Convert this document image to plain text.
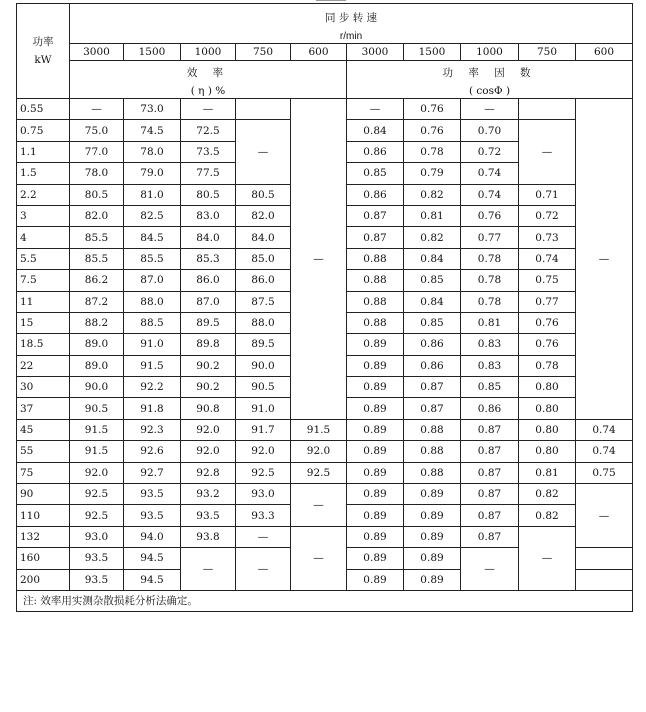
功率
kW	同 步 转 速									
	r/min									
	3000	1500	1000	750	600	3000	1500	1000	750	600
	效 率					功 率 因 数				
	( η ) %					( cosΦ )				
0.55	—	73.0	—		—	—	0.76	—		—
0.75	75.0	74.5	72.5	—		0.84	0.76	0.70	—	
1.1	77.0	78.0	73.5			0.86	0.78	0.72		
1.5	78.0	79.0	77.5			0.85	0.79	0.74		
2.2	80.5	81.0	80.5	80.5		0.86	0.82	0.74	0.71	
3	82.0	82.5	83.0	82.0		0.87	0.81	0.76	0.72	
4	85.5	84.5	84.0	84.0		0.87	0.82	0.77	0.73	
5.5	85.5	85.5	85.3	85.0		0.88	0.84	0.78	0.74	
7.5	86.2	87.0	86.0	86.0		0.88	0.85	0.78	0.75	
11	87.2	88.0	87.0	87.5		0.88	0.84	0.78	0.77	
15	88.2	88.5	89.5	88.0		0.88	0.85	0.81	0.76	
18.5	89.0	91.0	89.8	89.5		0.89	0.86	0.83	0.76	
22	89.0	91.5	90.2	90.0		0.89	0.86	0.83	0.78	
30	90.0	92.2	90.2	90.5		0.89	0.87	0.85	0.80	
37	90.5	91.8	90.8	91.0		0.89	0.87	0.86	0.80	
45	91.5	92.3	92.0	91.7	91.5	0.89	0.88	0.87	0.80	0.74
55	91.5	92.6	92.0	92.0	92.0	0.89	0.88	0.87	0.80	0.74
75	92.0	92.7	92.8	92.5	92.5	0.89	0.88	0.87	0.81	0.75
90	92.5	93.5	93.2	93.0	—	0.89	0.89	0.87	0.82	—
110	92.5	93.5	93.5	93.3		0.89	0.89	0.87	0.82	
132	93.0	94.0	93.8	—	—	0.89	0.89	0.87	—	
160	93.5	94.5	—	—		0.89	0.89	—		
200	93.5	94.5				0.89	0.89			
注: 效率用实测杂散损耗分析法确定。										
